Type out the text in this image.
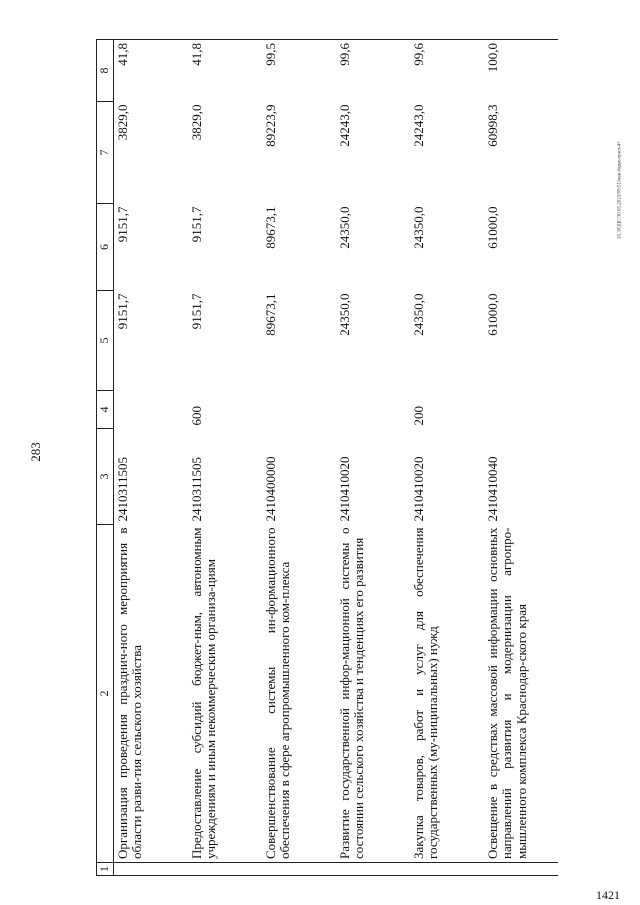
283
20.3/ОДС/30.05.2023/09:51/ман-бадж-прил-4+
1421
1	2	3	4	5	6	7	8
	Организация проведения празднич-ного мероприятия в области разви-тия сельского хозяйства	2410311505		9151,7	9151,7	3829,0	41,8
	Предоставление субсидий бюджет-ным, автономным учреждениям и иным некоммерческим организа-циям	2410311505	600	9151,7	9151,7	3829,0	41,8
	Совершенствование системы ин-формационного обеспечения в сфере агропромышленного ком-плекса	2410400000		89673,1	89673,1	89223,9	99,5
	Развитие государственной инфор-мационной системы о состоянии сельского хозяйства и тенденциях его развития	2410410020		24350,0	24350,0	24243,0	99,6
	Закупка товаров, работ и услуг для обеспечения государственных (му-ниципальных) нужд	2410410020	200	24350,0	24350,0	24243,0	99,6
	Освещение в средствах массовой информации основных направлений развития и модернизации агропро-мышленного комплекса Краснодар-ского края	2410410040		61000,0	61000,0	60998,3	100,0
